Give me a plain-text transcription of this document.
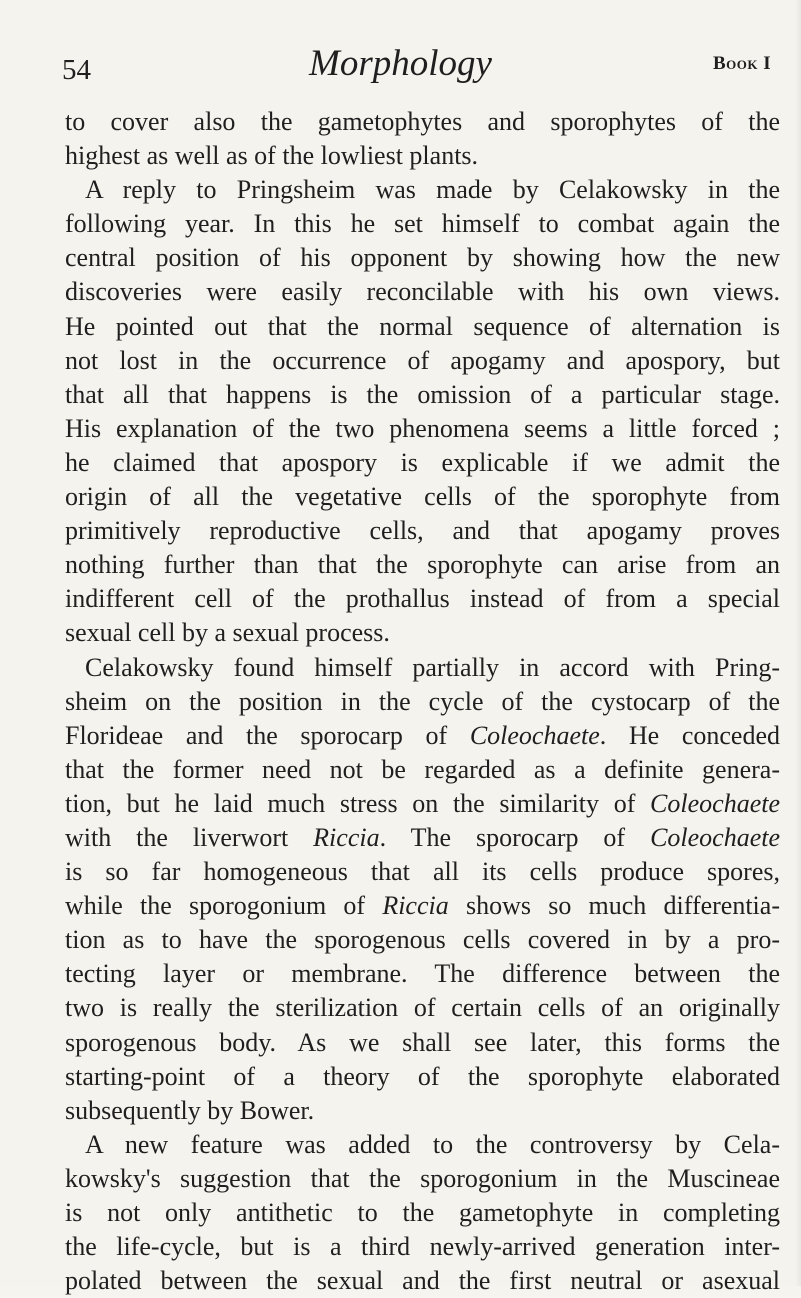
54	Morphology	Book I
to cover also the gametophytes and sporophytes of the
highest as well as of the lowliest plants.
A reply to Pringsheim was made by Celakowsky in the
following year. In this he set himself to combat again the
central position of his opponent by showing how the new
discoveries were easily reconcilable with his own views.
He pointed out that the normal sequence of alternation is
not lost in the occurrence of apogamy and apospory, but
that all that happens is the omission of a particular stage.
His explanation of the two phenomena seems a little forced ;
he claimed that apospory is explicable if we admit the
origin of all the vegetative cells of the sporophyte from
primitively reproductive cells, and that apogamy proves
nothing further than that the sporophyte can arise from an
indifferent cell of the prothallus instead of from a special
sexual cell by a sexual process.
Celakowsky found himself partially in accord with Pring-
sheim on the position in the cycle of the cystocarp of the
Florideae and the sporocarp of Coleochaete. He conceded
that the former need not be regarded as a definite genera-
tion, but he laid much stress on the similarity of Coleochaete
with the liverwort Riccia. The sporocarp of Coleochaete
is so far homogeneous that all its cells produce spores,
while the sporogonium of Riccia shows so much differentia-
tion as to have the sporogenous cells covered in by a pro-
tecting layer or membrane. The difference between the
two is really the sterilization of certain cells of an originally
sporogenous body. As we shall see later, this forms the
starting-point of a theory of the sporophyte elaborated
subsequently by Bower.
A new feature was added to the controversy by Cela-
kowsky's suggestion that the sporogonium in the Muscineae
is not only antithetic to the gametophyte in completing
the life-cycle, but is a third newly-arrived generation inter-
polated between the sexual and the first neutral or asexual
